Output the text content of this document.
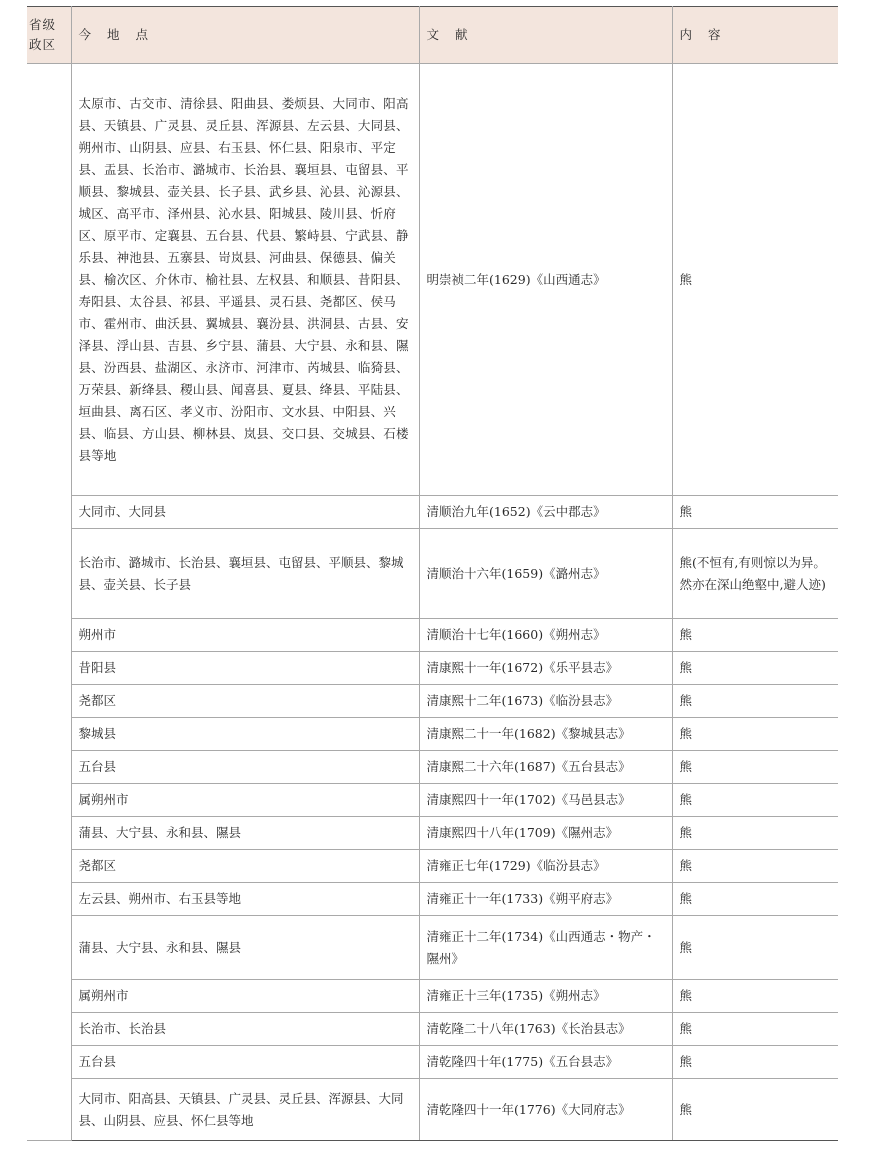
省级
政区	今 地 点	文 献	内 容
	太原市、古交市、清徐县、阳曲县、娄烦县、大同市、阳高县、天镇县、广灵县、灵丘县、浑源县、左云县、大同县、朔州市、山阴县、应县、右玉县、怀仁县、阳泉市、平定县、盂县、长治市、潞城市、长治县、襄垣县、屯留县、平顺县、黎城县、壶关县、长子县、武乡县、沁县、沁源县、城区、高平市、泽州县、沁水县、阳城县、陵川县、忻府区、原平市、定襄县、五台县、代县、繁峙县、宁武县、静乐县、神池县、五寨县、岢岚县、河曲县、保德县、偏关县、榆次区、介休市、榆社县、左权县、和顺县、昔阳县、寿阳县、太谷县、祁县、平遥县、灵石县、尧都区、侯马市、霍州市、曲沃县、翼城县、襄汾县、洪洞县、古县、安泽县、浮山县、吉县、乡宁县、蒲县、大宁县、永和县、隰县、汾西县、盐湖区、永济市、河津市、芮城县、临猗县、万荣县、新绛县、稷山县、闻喜县、夏县、绛县、平陆县、垣曲县、离石区、孝义市、汾阳市、文水县、中阳县、兴县、临县、方山县、柳林县、岚县、交口县、交城县、石楼县等地	明崇祯二年(1629)《山西通志》	熊
	大同市、大同县	清顺治九年(1652)《云中郡志》	熊
	长治市、潞城市、长治县、襄垣县、屯留县、平顺县、黎城县、壶关县、长子县	清顺治十六年(1659)《潞州志》	熊(不恒有,有则惊以为异。然亦在深山绝壑中,避人迹)
	朔州市	清顺治十七年(1660)《朔州志》	熊
	昔阳县	清康熙十一年(1672)《乐平县志》	熊
	尧都区	清康熙十二年(1673)《临汾县志》	熊
	黎城县	清康熙二十一年(1682)《黎城县志》	熊
	五台县	清康熙二十六年(1687)《五台县志》	熊
	属朔州市	清康熙四十一年(1702)《马邑县志》	熊
	蒲县、大宁县、永和县、隰县	清康熙四十八年(1709)《隰州志》	熊
	尧都区	清雍正七年(1729)《临汾县志》	熊
	左云县、朔州市、右玉县等地	清雍正十一年(1733)《朔平府志》	熊
	蒲县、大宁县、永和县、隰县	清雍正十二年(1734)《山西通志・物产・隰州》	熊
	属朔州市	清雍正十三年(1735)《朔州志》	熊
	长治市、长治县	清乾隆二十八年(1763)《长治县志》	熊
	五台县	清乾隆四十年(1775)《五台县志》	熊
	大同市、阳高县、天镇县、广灵县、灵丘县、浑源县、大同县、山阴县、应县、怀仁县等地	清乾隆四十一年(1776)《大同府志》	熊
